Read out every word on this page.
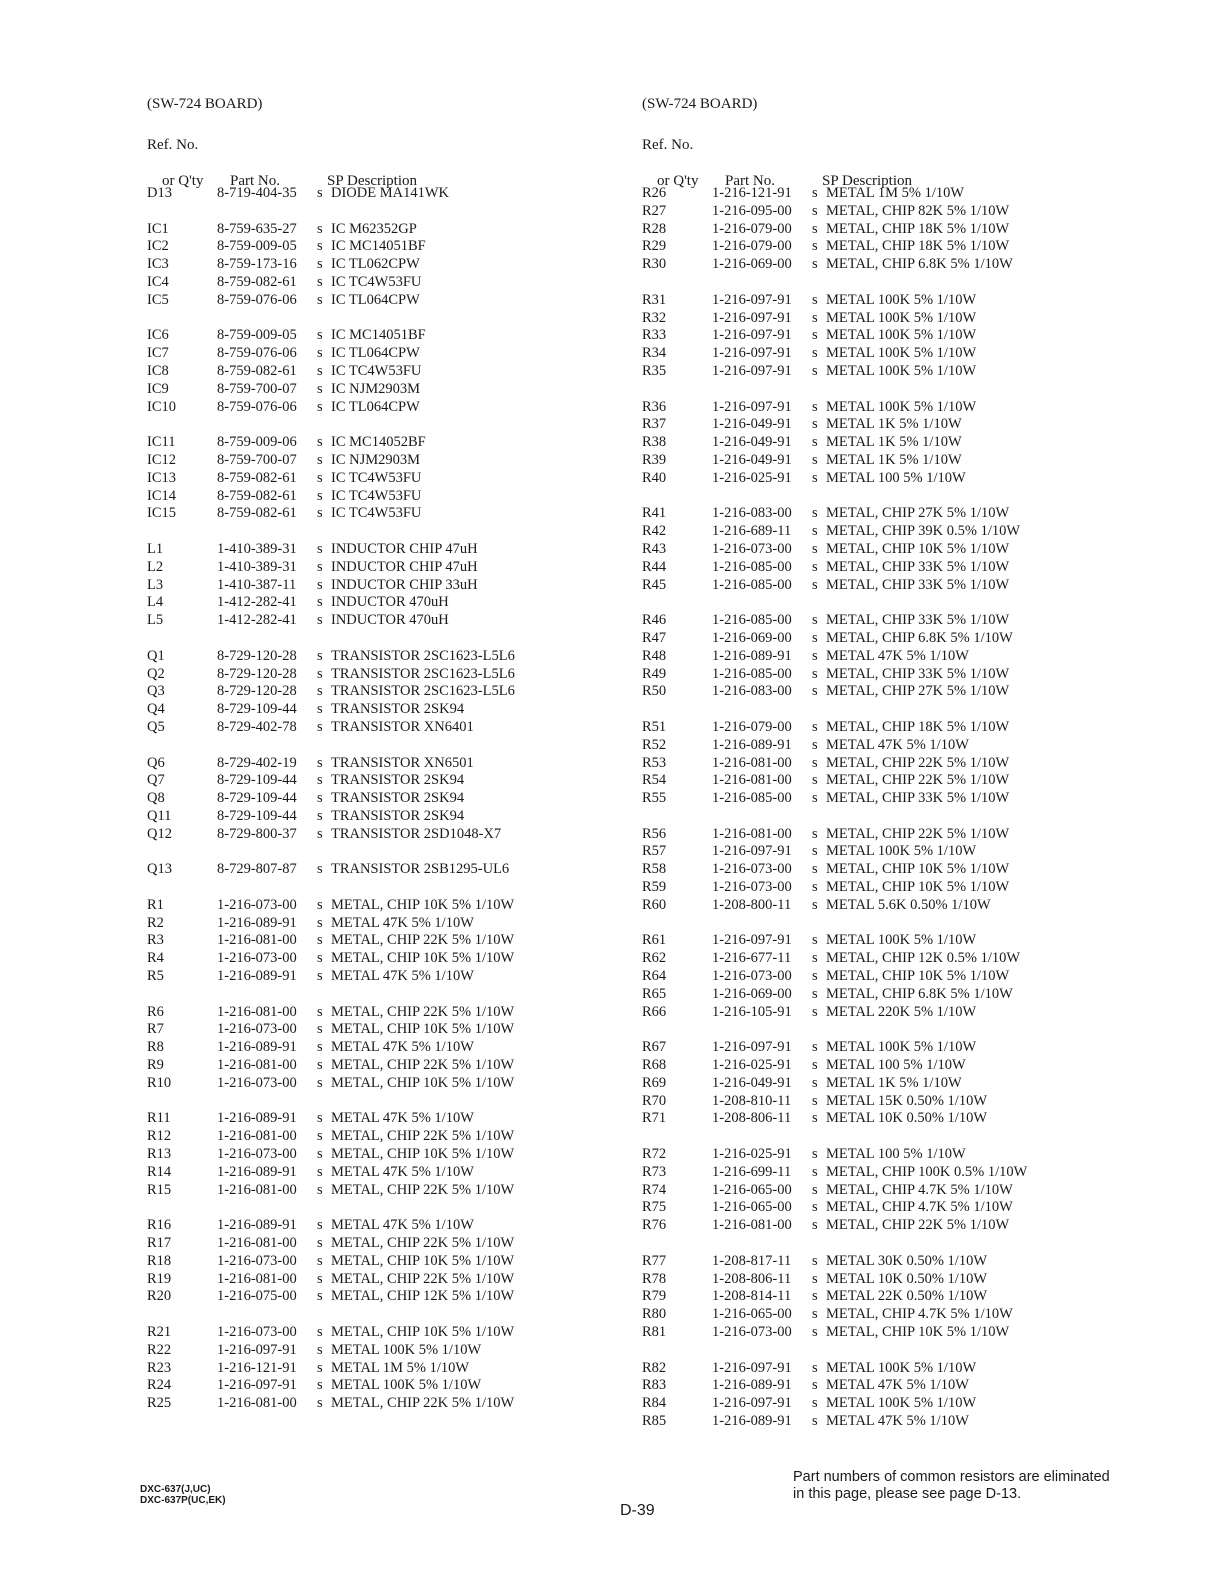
(SW-724 BOARD)
Ref. No.

or Q'ty Part No.	SP Description

D13	8-719-404-35 s DIODE MA141WK
IC1	8-759-635-27 s IC M62352GP
IC2	8-759-009-05 s IC MC14051BF
IC3	8-759-173-16 s IC TL062CPW
IC4	8-759-082-61 s IC TC4W53FU
IC5	8-759-076-06 s IC TL064CPW
IC6	8-759-009-05 s IC MC14051BF
IC7	8-759-076-06 s IC TL064CPW
IC8	8-759-082-61 s IC TC4W53FU
IC9	8-759-700-07 s IC NJM2903M
IC10	8-759-076-06 s IC TL064CPW
IC11	8-759-009-06 s IC MC14052BF
IC12	8-759-700-07 s IC NJM2903M
IC13	8-759-082-61 s IC TC4W53FU
IC14	8-759-082-61 s IC TC4W53FU
IC15	8-759-082-61 s IC TC4W53FU
L1	1-410-389-31 s INDUCTOR CHIP 47uH
L2	1-410-389-31 s INDUCTOR CHIP 47uH
L3	1-410-387-11 s INDUCTOR CHIP 33uH
L4	1-412-282-41 s INDUCTOR 470uH
L5	1-412-282-41 s INDUCTOR 470uH
Q1	8-729-120-28 s TRANSISTOR 2SC1623-L5L6
Q2	8-729-120-28 s TRANSISTOR 2SC1623-L5L6
Q3	8-729-120-28 s TRANSISTOR 2SC1623-L5L6
Q4	8-729-109-44 s TRANSISTOR 2SK94
Q5	8-729-402-78 s TRANSISTOR XN6401
Q6	8-729-402-19 s TRANSISTOR XN6501
Q7	8-729-109-44 s TRANSISTOR 2SK94
Q8	8-729-109-44 s TRANSISTOR 2SK94
Q11	8-729-109-44 s TRANSISTOR 2SK94
Q12	8-729-800-37 s TRANSISTOR 2SD1048-X7
Q13	8-729-807-87 s TRANSISTOR 2SB1295-UL6
R1	1-216-073-00 s METAL, CHIP 10K 5% 1/10W
R2	1-216-089-91 s METAL 47K 5% 1/10W
R3	1-216-081-00 s METAL, CHIP 22K 5% 1/10W
R4	1-216-073-00 s METAL, CHIP 10K 5% 1/10W
R5	1-216-089-91 s METAL 47K 5% 1/10W
R6	1-216-081-00 s METAL, CHIP 22K 5% 1/10W
R7	1-216-073-00 s METAL, CHIP 10K 5% 1/10W
R8	1-216-089-91 s METAL 47K 5% 1/10W
R9	1-216-081-00 s METAL, CHIP 22K 5% 1/10W
R10	1-216-073-00 s METAL, CHIP 10K 5% 1/10W
R11	1-216-089-91 s METAL 47K 5% 1/10W
R12	1-216-081-00 s METAL, CHIP 22K 5% 1/10W
R13	1-216-073-00 s METAL, CHIP 10K 5% 1/10W
R14	1-216-089-91 s METAL 47K 5% 1/10W
R15	1-216-081-00 s METAL, CHIP 22K 5% 1/10W
R16	1-216-089-91 s METAL 47K 5% 1/10W
R17	1-216-081-00 s METAL, CHIP 22K 5% 1/10W
R18	1-216-073-00 s METAL, CHIP 10K 5% 1/10W
R19	1-216-081-00 s METAL, CHIP 22K 5% 1/10W
R20	1-216-075-00 s METAL, CHIP 12K 5% 1/10W
R21	1-216-073-00 s METAL, CHIP 10K 5% 1/10W
R22	1-216-097-91 s METAL 100K 5% 1/10W
R23	1-216-121-91 s METAL 1M 5% 1/10W
R24	1-216-097-91 s METAL 100K 5% 1/10W
R25	1-216-081-00 s METAL, CHIP 22K 5% 1/10W
(SW-724 BOARD)
Ref. No.

or Q'ty Part No.	SP Description

R26	1-216-121-91 s METAL 1M 5% 1/10W
R27	1-216-095-00 s METAL, CHIP 82K 5% 1/10W
R28	1-216-079-00 s METAL, CHIP 18K 5% 1/10W
R29	1-216-079-00 s METAL, CHIP 18K 5% 1/10W
R30	1-216-069-00 s METAL, CHIP 6.8K 5% 1/10W
R31	1-216-097-91 s METAL 100K 5% 1/10W
R32	1-216-097-91 s METAL 100K 5% 1/10W
R33	1-216-097-91 s METAL 100K 5% 1/10W
R34	1-216-097-91 s METAL 100K 5% 1/10W
R35	1-216-097-91 s METAL 100K 5% 1/10W
R36	1-216-097-91 s METAL 100K 5% 1/10W
R37	1-216-049-91 s METAL 1K 5% 1/10W
R38	1-216-049-91 s METAL 1K 5% 1/10W
R39	1-216-049-91 s METAL 1K 5% 1/10W
R40	1-216-025-91 s METAL 100 5% 1/10W
R41	1-216-083-00 s METAL, CHIP 27K 5% 1/10W
R42	1-216-689-11 s METAL, CHIP 39K 0.5% 1/10W
R43	1-216-073-00 s METAL, CHIP 10K 5% 1/10W
R44	1-216-085-00 s METAL, CHIP 33K 5% 1/10W
R45	1-216-085-00 s METAL, CHIP 33K 5% 1/10W
R46	1-216-085-00 s METAL, CHIP 33K 5% 1/10W
R47	1-216-069-00 s METAL, CHIP 6.8K 5% 1/10W
R48	1-216-089-91 s METAL 47K 5% 1/10W
R49	1-216-085-00 s METAL, CHIP 33K 5% 1/10W
R50	1-216-083-00 s METAL, CHIP 27K 5% 1/10W
R51	1-216-079-00 s METAL, CHIP 18K 5% 1/10W
R52	1-216-089-91 s METAL 47K 5% 1/10W
R53	1-216-081-00 s METAL, CHIP 22K 5% 1/10W
R54	1-216-081-00 s METAL, CHIP 22K 5% 1/10W
R55	1-216-085-00 s METAL, CHIP 33K 5% 1/10W
R56	1-216-081-00 s METAL, CHIP 22K 5% 1/10W
R57	1-216-097-91 s METAL 100K 5% 1/10W
R58	1-216-073-00 s METAL, CHIP 10K 5% 1/10W
R59	1-216-073-00 s METAL, CHIP 10K 5% 1/10W
R60	1-208-800-11 s METAL 5.6K 0.50% 1/10W
R61	1-216-097-91 s METAL 100K 5% 1/10W
R62	1-216-677-11 s METAL, CHIP 12K 0.5% 1/10W
R64	1-216-073-00 s METAL, CHIP 10K 5% 1/10W
R65	1-216-069-00 s METAL, CHIP 6.8K 5% 1/10W
R66	1-216-105-91 s METAL 220K 5% 1/10W
R67	1-216-097-91 s METAL 100K 5% 1/10W
R68	1-216-025-91 s METAL 100 5% 1/10W
R69	1-216-049-91 s METAL 1K 5% 1/10W
R70	1-208-810-11 s METAL 15K 0.50% 1/10W
R71	1-208-806-11 s METAL 10K 0.50% 1/10W
R72	1-216-025-91 s METAL 100 5% 1/10W
R73	1-216-699-11 s METAL, CHIP 100K 0.5% 1/10W
R74	1-216-065-00 s METAL, CHIP 4.7K 5% 1/10W
R75	1-216-065-00 s METAL, CHIP 4.7K 5% 1/10W
R76	1-216-081-00 s METAL, CHIP 22K 5% 1/10W
R77	1-208-817-11 s METAL 30K 0.50% 1/10W
R78	1-208-806-11 s METAL 10K 0.50% 1/10W
R79	1-208-814-11 s METAL 22K 0.50% 1/10W
R80	1-216-065-00 s METAL, CHIP 4.7K 5% 1/10W
R81	1-216-073-00 s METAL, CHIP 10K 5% 1/10W
R82	1-216-097-91 s METAL 100K 5% 1/10W
R83	1-216-089-91 s METAL 47K 5% 1/10W
R84	1-216-097-91 s METAL 100K 5% 1/10W
R85	1-216-089-91 s METAL 47K 5% 1/10W
DXC-637(J,UC)
DXC-637P(UC,EK)
D-39
Part numbers of common resistors are eliminated
in this page, please see page D-13.
